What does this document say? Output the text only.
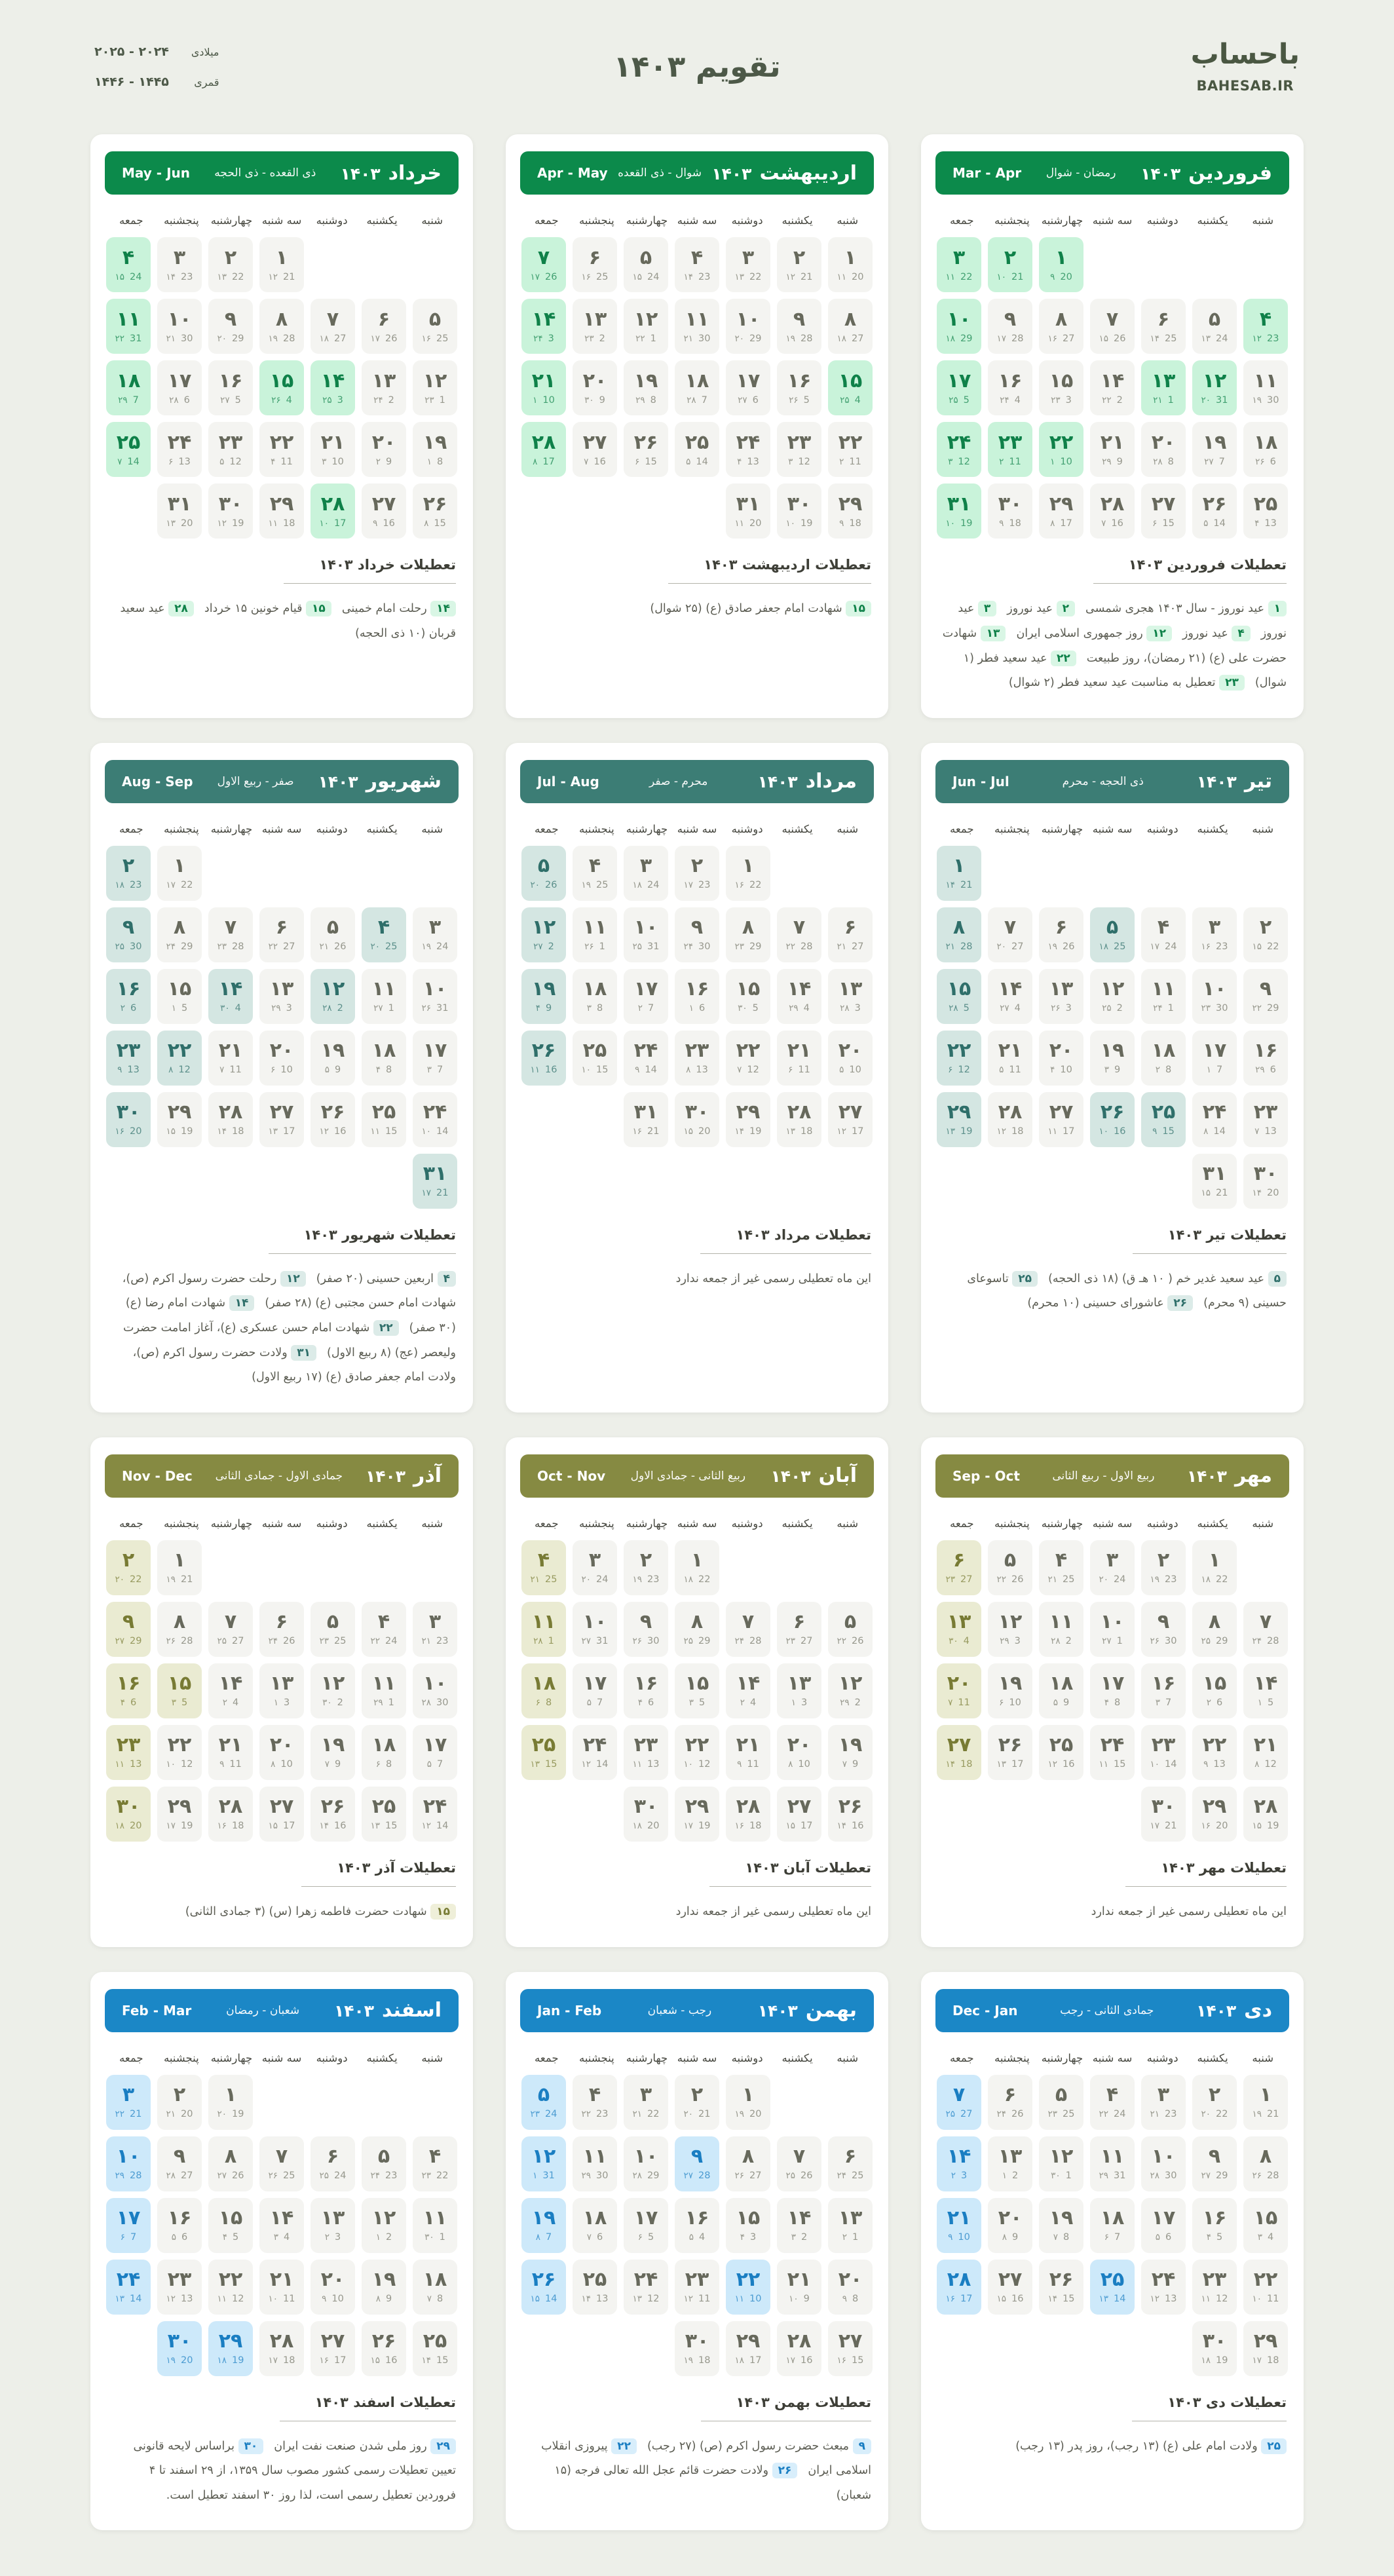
باحساب
BAHESAB.IR
تقویم ۱۴۰۳
میلادی
۲۰۲۴ - ۲۰۲۵
قمری
۱۴۴۵ - ۱۴۴۶
فروردین
۱۴۰۳
رمضان - شوال
Mar - Apr
شنبه
یکشنبه
دوشنبه
سه شنبه
چهارشنبه
پنجشنبه
جمعه
۱
۹ 20
۲
۱۰ 21
۳
۱۱ 22
۴
۱۲ 23
۵
۱۳ 24
۶
۱۴ 25
۷
۱۵ 26
۸
۱۶ 27
۹
۱۷ 28
۱۰
۱۸ 29
۱۱
۱۹ 30
۱۲
۲۰ 31
۱۳
۲۱ 1
۱۴
۲۲ 2
۱۵
۲۳ 3
۱۶
۲۴ 4
۱۷
۲۵ 5
۱۸
۲۶ 6
۱۹
۲۷ 7
۲۰
۲۸ 8
۲۱
۲۹ 9
۲۲
۱ 10
۲۳
۲ 11
۲۴
۳ 12
۲۵
۴ 13
۲۶
۵ 14
۲۷
۶ 15
۲۸
۷ 16
۲۹
۸ 17
۳۰
۹ 18
۳۱
۱۰ 19
تعطیلات فروردین ۱۴۰۳
۱ عید نوروز - سال ۱۴۰۳ هجری شمسی۲ عید نوروز۳ عید نوروز۴ عید نوروز۱۲ روز جمهوری اسلامی ایران۱۳ شهادت حضرت علی (ع) (۲۱ رمضان)، روز طبیعت۲۲ عید سعید فطر (۱ شوال)۲۳ تعطیل به مناسبت عید سعید فطر (۲ شوال)
اردیبهشت
۱۴۰۳
شوال - ذی القعده
Apr - May
شنبه
یکشنبه
دوشنبه
سه شنبه
چهارشنبه
پنجشنبه
جمعه
۱
۱۱ 20
۲
۱۲ 21
۳
۱۳ 22
۴
۱۴ 23
۵
۱۵ 24
۶
۱۶ 25
۷
۱۷ 26
۸
۱۸ 27
۹
۱۹ 28
۱۰
۲۰ 29
۱۱
۲۱ 30
۱۲
۲۲ 1
۱۳
۲۳ 2
۱۴
۲۴ 3
۱۵
۲۵ 4
۱۶
۲۶ 5
۱۷
۲۷ 6
۱۸
۲۸ 7
۱۹
۲۹ 8
۲۰
۳۰ 9
۲۱
۱ 10
۲۲
۲ 11
۲۳
۳ 12
۲۴
۴ 13
۲۵
۵ 14
۲۶
۶ 15
۲۷
۷ 16
۲۸
۸ 17
۲۹
۹ 18
۳۰
۱۰ 19
۳۱
۱۱ 20
تعطیلات اردیبهشت ۱۴۰۳
۱۵ شهادت امام جعفر صادق (ع) (۲۵ شوال)
خرداد
۱۴۰۳
ذی القعده - ذی الحجه
May - Jun
شنبه
یکشنبه
دوشنبه
سه شنبه
چهارشنبه
پنجشنبه
جمعه
۱
۱۲ 21
۲
۱۳ 22
۳
۱۴ 23
۴
۱۵ 24
۵
۱۶ 25
۶
۱۷ 26
۷
۱۸ 27
۸
۱۹ 28
۹
۲۰ 29
۱۰
۲۱ 30
۱۱
۲۲ 31
۱۲
۲۳ 1
۱۳
۲۴ 2
۱۴
۲۵ 3
۱۵
۲۶ 4
۱۶
۲۷ 5
۱۷
۲۸ 6
۱۸
۲۹ 7
۱۹
۱ 8
۲۰
۲ 9
۲۱
۳ 10
۲۲
۴ 11
۲۳
۵ 12
۲۴
۶ 13
۲۵
۷ 14
۲۶
۸ 15
۲۷
۹ 16
۲۸
۱۰ 17
۲۹
۱۱ 18
۳۰
۱۲ 19
۳۱
۱۳ 20
تعطیلات خرداد ۱۴۰۳
۱۴ رحلت امام خمینی۱۵ قیام خونین ۱۵ خرداد۲۸ عید سعید قربان (۱۰ ذی الحجه)
تیر
۱۴۰۳
ذی الحجه - محرم
Jun - Jul
شنبه
یکشنبه
دوشنبه
سه شنبه
چهارشنبه
پنجشنبه
جمعه
۱
۱۴ 21
۲
۱۵ 22
۳
۱۶ 23
۴
۱۷ 24
۵
۱۸ 25
۶
۱۹ 26
۷
۲۰ 27
۸
۲۱ 28
۹
۲۲ 29
۱۰
۲۳ 30
۱۱
۲۴ 1
۱۲
۲۵ 2
۱۳
۲۶ 3
۱۴
۲۷ 4
۱۵
۲۸ 5
۱۶
۲۹ 6
۱۷
۱ 7
۱۸
۲ 8
۱۹
۳ 9
۲۰
۴ 10
۲۱
۵ 11
۲۲
۶ 12
۲۳
۷ 13
۲۴
۸ 14
۲۵
۹ 15
۲۶
۱۰ 16
۲۷
۱۱ 17
۲۸
۱۲ 18
۲۹
۱۳ 19
۳۰
۱۴ 20
۳۱
۱۵ 21
تعطیلات تیر ۱۴۰۳
۵ عید سعید غدیر خم ( ۱۰ هـ ق) (۱۸ ذی الحجه)۲۵ تاسوعای حسینی (۹ محرم)۲۶ عاشورای حسینی (۱۰ محرم)
مرداد
۱۴۰۳
محرم - صفر
Jul - Aug
شنبه
یکشنبه
دوشنبه
سه شنبه
چهارشنبه
پنجشنبه
جمعه
۱
۱۶ 22
۲
۱۷ 23
۳
۱۸ 24
۴
۱۹ 25
۵
۲۰ 26
۶
۲۱ 27
۷
۲۲ 28
۸
۲۳ 29
۹
۲۴ 30
۱۰
۲۵ 31
۱۱
۲۶ 1
۱۲
۲۷ 2
۱۳
۲۸ 3
۱۴
۲۹ 4
۱۵
۳۰ 5
۱۶
۱ 6
۱۷
۲ 7
۱۸
۳ 8
۱۹
۴ 9
۲۰
۵ 10
۲۱
۶ 11
۲۲
۷ 12
۲۳
۸ 13
۲۴
۹ 14
۲۵
۱۰ 15
۲۶
۱۱ 16
۲۷
۱۲ 17
۲۸
۱۳ 18
۲۹
۱۴ 19
۳۰
۱۵ 20
۳۱
۱۶ 21
تعطیلات مرداد ۱۴۰۳
این ماه تعطیلی رسمی غیر از جمعه ندارد
شهریور
۱۴۰۳
صفر - ربیع الاول
Aug - Sep
شنبه
یکشنبه
دوشنبه
سه شنبه
چهارشنبه
پنجشنبه
جمعه
۱
۱۷ 22
۲
۱۸ 23
۳
۱۹ 24
۴
۲۰ 25
۵
۲۱ 26
۶
۲۲ 27
۷
۲۳ 28
۸
۲۴ 29
۹
۲۵ 30
۱۰
۲۶ 31
۱۱
۲۷ 1
۱۲
۲۸ 2
۱۳
۲۹ 3
۱۴
۳۰ 4
۱۵
۱ 5
۱۶
۲ 6
۱۷
۳ 7
۱۸
۴ 8
۱۹
۵ 9
۲۰
۶ 10
۲۱
۷ 11
۲۲
۸ 12
۲۳
۹ 13
۲۴
۱۰ 14
۲۵
۱۱ 15
۲۶
۱۲ 16
۲۷
۱۳ 17
۲۸
۱۴ 18
۲۹
۱۵ 19
۳۰
۱۶ 20
۳۱
۱۷ 21
تعطیلات شهریور ۱۴۰۳
۴ اربعین حسینی (۲۰ صفر)۱۲ رحلت حضرت رسول اکرم (ص)، شهادت امام حسن مجتبی (ع) (۲۸ صفر)۱۴ شهادت امام رضا (ع) (۳۰ صفر)۲۲ شهادت امام حسن عسکری (ع)، آغاز امامت حضرت ولیعصر (عج) (۸ ربیع الاول)۳۱ ولادت حضرت رسول اکرم (ص)، ولادت امام جعفر صادق (ع) (۱۷ ربیع الاول)
مهر
۱۴۰۳
ربیع الاول - ربیع الثانی
Sep - Oct
شنبه
یکشنبه
دوشنبه
سه شنبه
چهارشنبه
پنجشنبه
جمعه
۱
۱۸ 22
۲
۱۹ 23
۳
۲۰ 24
۴
۲۱ 25
۵
۲۲ 26
۶
۲۳ 27
۷
۲۴ 28
۸
۲۵ 29
۹
۲۶ 30
۱۰
۲۷ 1
۱۱
۲۸ 2
۱۲
۲۹ 3
۱۳
۳۰ 4
۱۴
۱ 5
۱۵
۲ 6
۱۶
۳ 7
۱۷
۴ 8
۱۸
۵ 9
۱۹
۶ 10
۲۰
۷ 11
۲۱
۸ 12
۲۲
۹ 13
۲۳
۱۰ 14
۲۴
۱۱ 15
۲۵
۱۲ 16
۲۶
۱۳ 17
۲۷
۱۴ 18
۲۸
۱۵ 19
۲۹
۱۶ 20
۳۰
۱۷ 21
تعطیلات مهر ۱۴۰۳
این ماه تعطیلی رسمی غیر از جمعه ندارد
آبان
۱۴۰۳
ربیع الثانی - جمادی الاول
Oct - Nov
شنبه
یکشنبه
دوشنبه
سه شنبه
چهارشنبه
پنجشنبه
جمعه
۱
۱۸ 22
۲
۱۹ 23
۳
۲۰ 24
۴
۲۱ 25
۵
۲۲ 26
۶
۲۳ 27
۷
۲۴ 28
۸
۲۵ 29
۹
۲۶ 30
۱۰
۲۷ 31
۱۱
۲۸ 1
۱۲
۲۹ 2
۱۳
۱ 3
۱۴
۲ 4
۱۵
۳ 5
۱۶
۴ 6
۱۷
۵ 7
۱۸
۶ 8
۱۹
۷ 9
۲۰
۸ 10
۲۱
۹ 11
۲۲
۱۰ 12
۲۳
۱۱ 13
۲۴
۱۲ 14
۲۵
۱۳ 15
۲۶
۱۴ 16
۲۷
۱۵ 17
۲۸
۱۶ 18
۲۹
۱۷ 19
۳۰
۱۸ 20
تعطیلات آبان ۱۴۰۳
این ماه تعطیلی رسمی غیر از جمعه ندارد
آذر
۱۴۰۳
جمادی الاول - جمادی الثانی
Nov - Dec
شنبه
یکشنبه
دوشنبه
سه شنبه
چهارشنبه
پنجشنبه
جمعه
۱
۱۹ 21
۲
۲۰ 22
۳
۲۱ 23
۴
۲۲ 24
۵
۲۳ 25
۶
۲۴ 26
۷
۲۵ 27
۸
۲۶ 28
۹
۲۷ 29
۱۰
۲۸ 30
۱۱
۲۹ 1
۱۲
۳۰ 2
۱۳
۱ 3
۱۴
۲ 4
۱۵
۳ 5
۱۶
۴ 6
۱۷
۵ 7
۱۸
۶ 8
۱۹
۷ 9
۲۰
۸ 10
۲۱
۹ 11
۲۲
۱۰ 12
۲۳
۱۱ 13
۲۴
۱۲ 14
۲۵
۱۳ 15
۲۶
۱۴ 16
۲۷
۱۵ 17
۲۸
۱۶ 18
۲۹
۱۷ 19
۳۰
۱۸ 20
تعطیلات آذر ۱۴۰۳
۱۵ شهادت حضرت فاطمه زهرا (س) (۳ جمادی الثانی)
دی
۱۴۰۳
جمادی الثانی - رجب
Dec - Jan
شنبه
یکشنبه
دوشنبه
سه شنبه
چهارشنبه
پنجشنبه
جمعه
۱
۱۹ 21
۲
۲۰ 22
۳
۲۱ 23
۴
۲۲ 24
۵
۲۳ 25
۶
۲۴ 26
۷
۲۵ 27
۸
۲۶ 28
۹
۲۷ 29
۱۰
۲۸ 30
۱۱
۲۹ 31
۱۲
۳۰ 1
۱۳
۱ 2
۱۴
۲ 3
۱۵
۳ 4
۱۶
۴ 5
۱۷
۵ 6
۱۸
۶ 7
۱۹
۷ 8
۲۰
۸ 9
۲۱
۹ 10
۲۲
۱۰ 11
۲۳
۱۱ 12
۲۴
۱۲ 13
۲۵
۱۳ 14
۲۶
۱۴ 15
۲۷
۱۵ 16
۲۸
۱۶ 17
۲۹
۱۷ 18
۳۰
۱۸ 19
تعطیلات دی ۱۴۰۳
۲۵ ولادت امام علی (ع) (۱۳ رجب)، روز پدر (۱۳ رجب)
بهمن
۱۴۰۳
رجب - شعبان
Jan - Feb
شنبه
یکشنبه
دوشنبه
سه شنبه
چهارشنبه
پنجشنبه
جمعه
۱
۱۹ 20
۲
۲۰ 21
۳
۲۱ 22
۴
۲۲ 23
۵
۲۳ 24
۶
۲۴ 25
۷
۲۵ 26
۸
۲۶ 27
۹
۲۷ 28
۱۰
۲۸ 29
۱۱
۲۹ 30
۱۲
۱ 31
۱۳
۲ 1
۱۴
۳ 2
۱۵
۴ 3
۱۶
۵ 4
۱۷
۶ 5
۱۸
۷ 6
۱۹
۸ 7
۲۰
۹ 8
۲۱
۱۰ 9
۲۲
۱۱ 10
۲۳
۱۲ 11
۲۴
۱۳ 12
۲۵
۱۴ 13
۲۶
۱۵ 14
۲۷
۱۶ 15
۲۸
۱۷ 16
۲۹
۱۸ 17
۳۰
۱۹ 18
تعطیلات بهمن ۱۴۰۳
۹ مبعث حضرت رسول اکرم (ص) (۲۷ رجب)۲۲ پیروزی انقلاب اسلامی ایران۲۶ ولادت حضرت قائم عجل الله تعالی فرجه (۱۵ شعبان)
اسفند
۱۴۰۳
شعبان - رمضان
Feb - Mar
شنبه
یکشنبه
دوشنبه
سه شنبه
چهارشنبه
پنجشنبه
جمعه
۱
۲۰ 19
۲
۲۱ 20
۳
۲۲ 21
۴
۲۳ 22
۵
۲۴ 23
۶
۲۵ 24
۷
۲۶ 25
۸
۲۷ 26
۹
۲۸ 27
۱۰
۲۹ 28
۱۱
۳۰ 1
۱۲
۱ 2
۱۳
۲ 3
۱۴
۳ 4
۱۵
۴ 5
۱۶
۵ 6
۱۷
۶ 7
۱۸
۷ 8
۱۹
۸ 9
۲۰
۹ 10
۲۱
۱۰ 11
۲۲
۱۱ 12
۲۳
۱۲ 13
۲۴
۱۳ 14
۲۵
۱۴ 15
۲۶
۱۵ 16
۲۷
۱۶ 17
۲۸
۱۷ 18
۲۹
۱۸ 19
۳۰
۱۹ 20
تعطیلات اسفند ۱۴۰۳
۲۹ روز ملی شدن صنعت نفت ایران۳۰ براساس لایحه قانونی تعیین تعطیلات رسمی کشور مصوب سال ۱۳۵۹، از ۲۹ اسفند تا ۴ فروردین تعطیل رسمی است، لذا روز ۳۰ اسفند تعطیل است.
